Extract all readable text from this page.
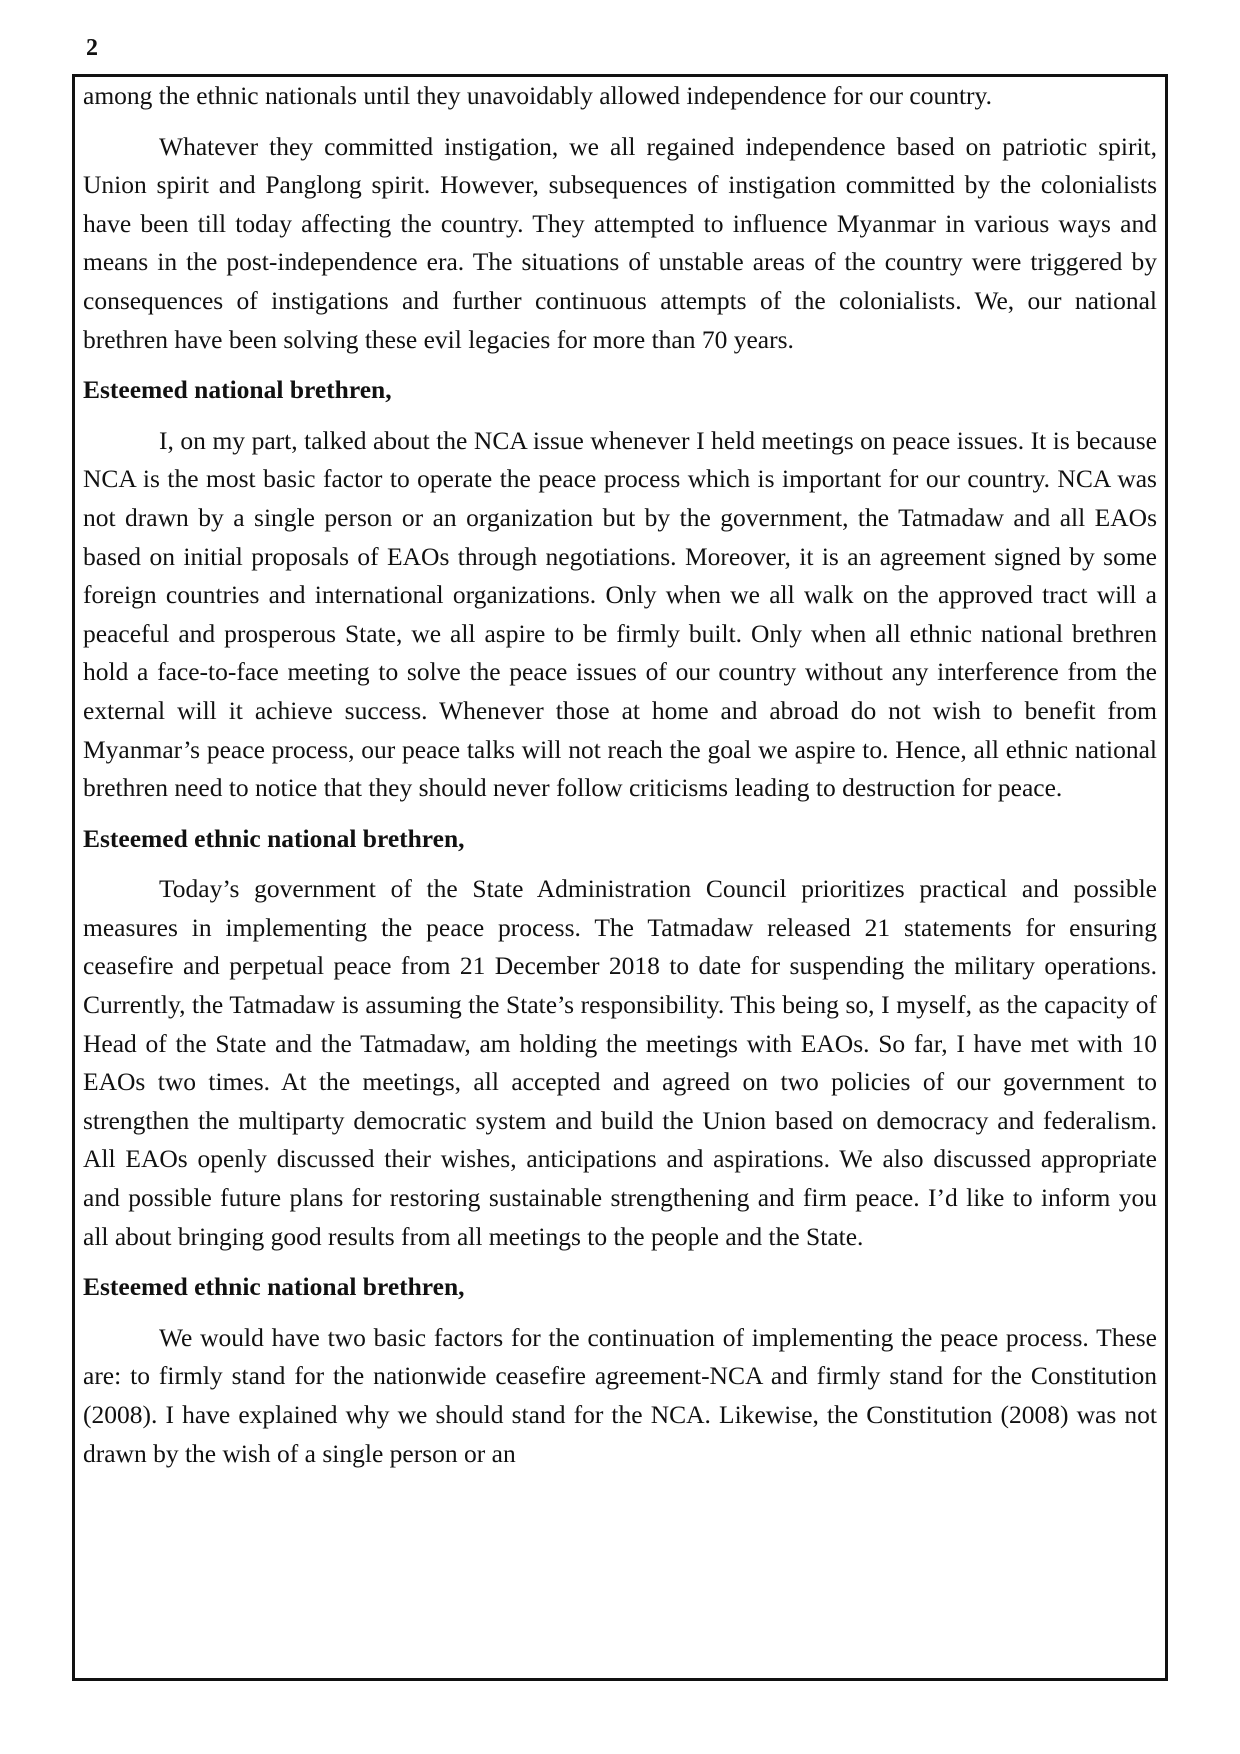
2

among the ethnic nationals until they unavoidably allowed independence for our country.

Whatever they committed instigation, we all regained independence based on patriotic spirit, Union spirit and Panglong spirit. However, subsequences of instigation committed by the colonialists have been till today affecting the country. They attempted to influence Myanmar in various ways and means in the post-independence era. The situations of unstable areas of the country were triggered by consequences of instigations and further continuous attempts of the colonialists. We, our national brethren have been solving these evil legacies for more than 70 years.

Esteemed national brethren,

I, on my part, talked about the NCA issue whenever I held meetings on peace issues. It is because NCA is the most basic factor to operate the peace process which is important for our country. NCA was not drawn by a single person or an organization but by the government, the Tatmadaw and all EAOs based on initial proposals of EAOs through negotiations. Moreover, it is an agreement signed by some foreign countries and international organizations. Only when we all walk on the approved tract will a peaceful and prosperous State, we all aspire to be firmly built. Only when all ethnic national brethren hold a face-to-face meeting to solve the peace issues of our country without any interference from the external will it achieve success. Whenever those at home and abroad do not wish to benefit from Myanmar’s peace process, our peace talks will not reach the goal we aspire to. Hence, all ethnic national brethren need to notice that they should never follow criticisms leading to destruction for peace.

Esteemed ethnic national brethren,

Today’s government of the State Administration Council prioritizes practical and possible measures in implementing the peace process. The Tatmadaw released 21 statements for ensuring ceasefire and perpetual peace from 21 December 2018 to date for suspending the military operations. Currently, the Tatmadaw is assuming the State’s responsibility. This being so, I myself, as the capacity of Head of the State and the Tatmadaw, am holding the meetings with EAOs. So far, I have met with 10 EAOs two times. At the meetings, all accepted and agreed on two policies of our government to strengthen the multiparty democratic system and build the Union based on democracy and federalism. All EAOs openly discussed their wishes, anticipations and aspirations. We also discussed appropriate and possible future plans for restoring sustainable strengthening and firm peace. I’d like to inform you all about bringing good results from all meetings to the people and the State.

Esteemed ethnic national brethren,

We would have two basic factors for the continuation of implementing the peace process. These are: to firmly stand for the nationwide ceasefire agreement-NCA and firmly stand for the Constitution (2008). I have explained why we should stand for the NCA. Likewise, the Constitution (2008) was not drawn by the wish of a single person or an
